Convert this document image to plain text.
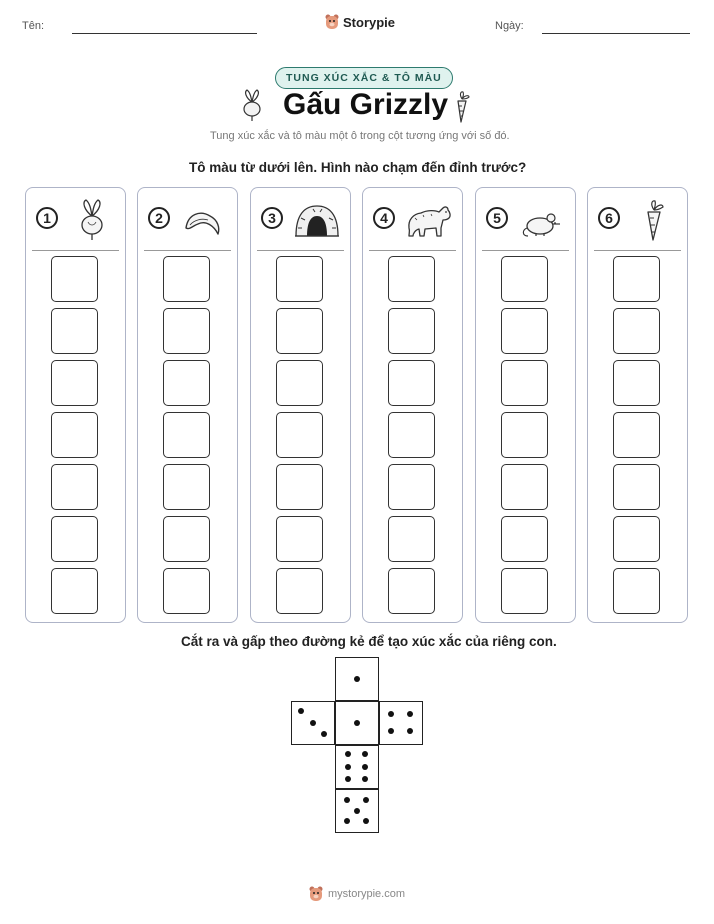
Tên:	Storypie	Ngày:
TUNG XÚC XẮC & TÔ MÀU
Gấu Grizzly
Tung xúc xắc và tô màu một ô trong cột tương ứng với số đó.
Tô màu từ dưới lên. Hình nào chạm đến đỉnh trước?
1	2	3	4	5	6
Cắt ra và gấp theo đường kẻ để tạo xúc xắc của riêng con.
mystorypie.com
